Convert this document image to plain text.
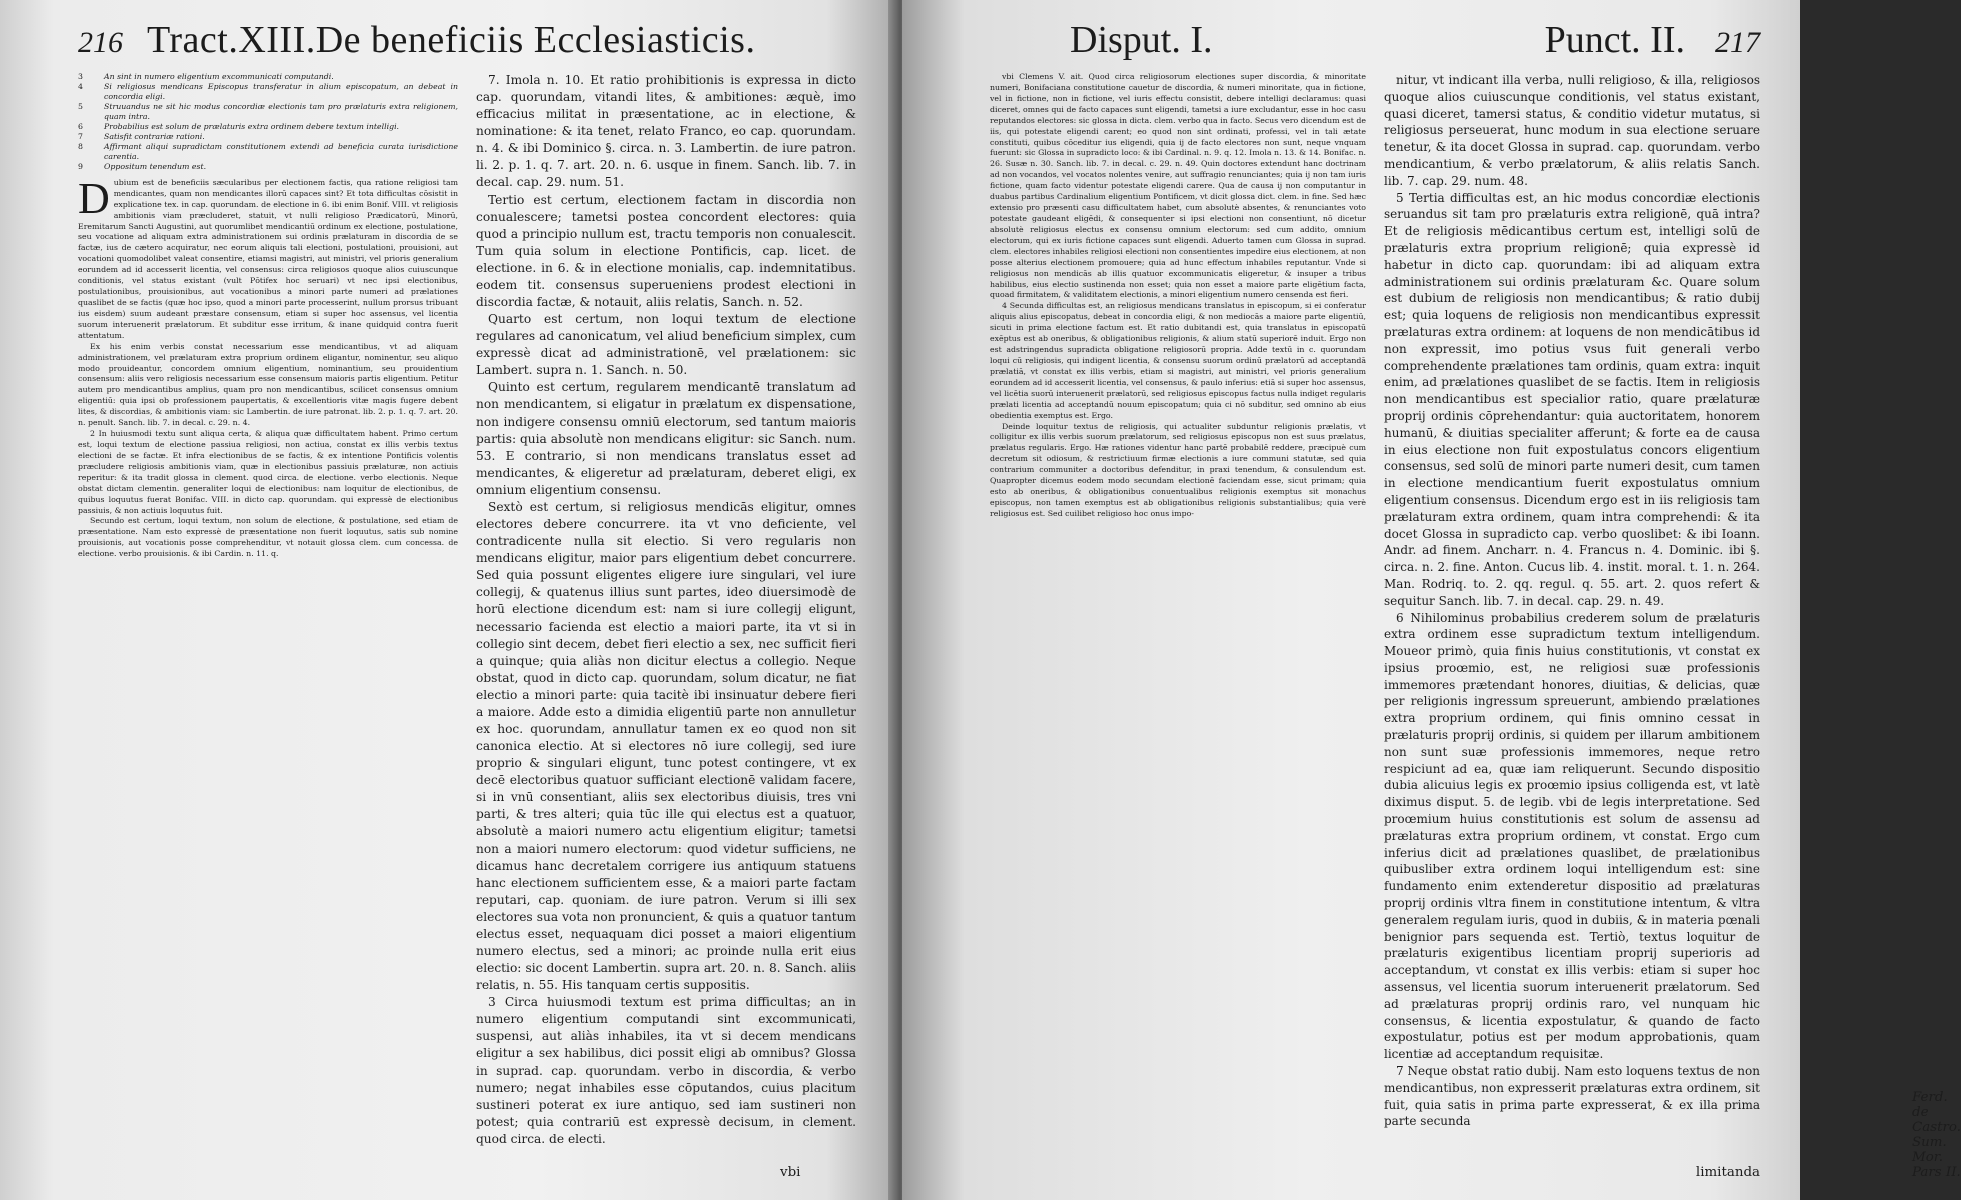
216 Tract.XIII.De beneficiis Ecclesiasticis.
3	An sint in numero eligentium excommunicati computandi.
4	Si religiosus mendicans Episcopus transferatur in alium episcopatum, an debeat in concordia eligi.
5	Struuandus ne sit hic modus concordiæ electionis tam pro prælaturis extra religionem, quam intra.
6	Probabilius est solum de prælaturis extra ordinem debere textum intelligi.
7	Satisfit contrariæ rationi.
8	Affirmant aliqui supradictam constitutionem extendi ad beneficia curata iurisdictione carentia.
9	Oppositum tenendum est.

Dubium est de beneficiis sæcularibus per electionem factis, qua ratione religiosi tam mendicantes, quam non mendicantes illorū capaces sint? Et tota difficultas cōsistit in explicatione tex. in cap. quorundam. de electione in 6. ibi enim Bonif. VIII. vt religiosis ambitionis viam præcluderet, statuit, vt nulli religioso Prædicatorū, Minorū, Eremitarum Sancti Augustini, aut quorumlibet mendicantiū ordinum ex electione, postulatione, seu vocatione ad aliquam extra administrationem sui ordinis prælaturam in discordia de se factæ, ius de cætero acquiratur, nec eorum aliquis tali electioni, postulationi, prouisioni, aut vocationi quomodolibet valeat consentire, etiamsi magistri, aut ministri, vel prioris generalium eorundem ad id accesserit licentia, vel consensus: circa religiosos quoque alios cuiuscunque conditionis, vel status existant (vult Pōtifex hoc seruari) vt nec ipsi electionibus, postulationibus, prouisionibus, aut vocationibus a minori parte numeri ad prælationes quaslibet de se factis (quæ hoc ipso, quod a minori parte processerint, nullum prorsus tribuant ius eisdem) suum audeant præstare consensum, etiam si super hoc assensus, vel licentia suorum interuenerit prælatorum. Et subditur esse irritum, & inane quidquid contra fuerit attentatum.

Ex his enim verbis constat necessarium esse mendicantibus, vt ad aliquam administrationem, vel prælaturam extra proprium ordinem eligantur, nominentur, seu aliquo modo prouideantur, concordem omnium eligentium, nominantium, seu prouidentium consensum: aliis vero religiosis necessarium esse consensum maioris partis eligentium. Petitur autem pro mendicantibus amplius, quam pro non mendicantibus, scilicet consensus omnium eligentiū: quia ipsi ob professionem paupertatis, & excellentioris vitæ magis fugere debent lites, & discordias, & ambitionis viam: sic Lambertin. de iure patronat. lib. 2. p. 1. q. 7. art. 20. n. penult. Sanch. lib. 7. in decal. c. 29. n. 4.

2 In huiusmodi textu sunt aliqua certa, & aliqua quæ difficultatem habent. Primo certum est, loqui textum de electione passiua religiosi, non actiua, constat ex illis verbis textus electioni de se factæ. Et infra electionibus de se factis, & ex intentione Pontificis volentis præcludere religiosis ambitionis viam, quæ in electionibus passiuis prælaturæ, non actiuis reperitur: & ita tradit glossa in clement. quod circa. de electione. verbo electionis. Neque obstat dictam clementin. generaliter loqui de electionibus: nam loquitur de electionibus, de quibus loquutus fuerat Bonifac. VIII. in dicto cap. quorundam. qui expressè de electionibus passiuis, & non actiuis loquutus fuit.

Secundo est certum, loqui textum, non solum de electione, & postulatione, sed etiam de præsentatione. Nam esto expressè de præsentatione non fuerit loquutus, satis sub nomine prouisionis, aut vocationis posse comprehenditur, vt notauit glossa clem. cum concessa. de electione. verbo prouisionis. & ibi Cardin. n. 11. q.

7. Imola n. 10. Et ratio prohibitionis is expressa in dicto cap. quorundam, vitandi lites, & ambitiones: æquè, imo efficacius militat in præsentatione, ac in electione, & nominatione: & ita tenet, relato Franco, eo cap. quorundam. n. 4. & ibi Dominico §. circa. n. 3. Lambertin. de iure patron. li. 2. p. 1. q. 7. art. 20. n. 6. usque in finem. Sanch. lib. 7. in decal. cap. 29. num. 51.

Tertio est certum, electionem factam in discordia non conualescere; tametsi postea concordent electores: quia quod a principio nullum est, tractu temporis non conualescit. Tum quia solum in electione Pontificis, cap. licet. de electione. in 6. & in electione monialis, cap. indemnitatibus. eodem tit. consensus superueniens prodest electioni in discordia factæ, & notauit, aliis relatis, Sanch. n. 52.

Quarto est certum, non loqui textum de electione regulares ad canonicatum, vel aliud beneficium simplex, cum expressè dicat ad administrationē, vel prælationem: sic Lambert. supra n. 1. Sanch. n. 50.

Quinto est certum, regularem mendicantē translatum ad non mendicantem, si eligatur in prælatum ex dispensatione, non indigere consensu omniū electorum, sed tantum maioris partis: quia absolutè non mendicans eligitur: sic Sanch. num. 53. E contrario, si non mendicans translatus esset ad mendicantes, & eligeretur ad prælaturam, deberet eligi, ex omnium eligentium consensu.

Sextò est certum, si religiosus mendicās eligitur, omnes electores debere concurrere. ita vt vno deficiente, vel contradicente nulla sit electio. Si vero regularis non mendicans eligitur, maior pars eligentium debet concurrere. Sed quia possunt eligentes eligere iure singulari, vel iure collegij, & quatenus illius sunt partes, ideo diuersimodè de horū electione dicendum est: nam si iure collegij eligunt, necessario facienda est electio a maiori parte, ita vt si in collegio sint decem, debet fieri electio a sex, nec sufficit fieri a quinque; quia aliàs non dicitur electus a collegio. Neque obstat, quod in dicto cap. quorundam, solum dicatur, ne fiat electio a minori parte: quia tacitè ibi insinuatur debere fieri a maiore. Adde esto a dimidia eligentiū parte non annulletur ex hoc. quorundam, annullatur tamen ex eo quod non sit canonica electio. At si electores nō iure collegij, sed iure proprio & singulari eligunt, tunc potest contingere, vt ex decē electoribus quatuor sufficiant electionē validam facere, si in vnū consentiant, aliis sex electoribus diuisis, tres vni parti, & tres alteri; quia tūc ille qui electus est a quatuor, absolutè a maiori numero actu eligentium eligitur; tametsi non a maiori numero electorum: quod videtur sufficiens, ne dicamus hanc decretalem corrigere ius antiquum statuens hanc electionem sufficientem esse, & a maiori parte factam reputari, cap. quoniam. de iure patron. Verum si illi sex electores sua vota non pronuncient, & quis a quatuor tantum electus esset, nequaquam dici posset a maiori eligentium numero electus, sed a minori; ac proinde nulla erit eius electio: sic docent Lambertin. supra art. 20. n. 8. Sanch. aliis relatis, n. 55. His tanquam certis suppositis.

3 Circa huiusmodi textum est prima difficultas; an in numero eligentium computandi sint excommunicati, suspensi, aut aliàs inhabiles, ita vt si decem mendicans eligitur a sex habilibus, dici possit eligi ab omnibus? Glossa in suprad. cap. quorundam. verbo in discordia, & verbo numero; negat inhabiles esse cōputandos, cuius placitum sustineri poterat ex iure antiquo, sed iam sustineri non potest; quia contrariū est expressè decisum, in clement. quod circa. de electi.

vbi
Disput. I.	Punct. II. 217

vbi Clemens V. ait. Quod circa religiosorum electiones super discordia, & minoritate numeri, Bonifaciana constitutione cauetur de discordia, & numeri minoritate, qua in fictione, vel in fictione, non in fictione, vel iuris effectu consistit, debere intelligi declaramus: quasi diceret, omnes qui de facto capaces sunt eligendi, tametsi a iure excludantur, esse in hoc casu reputandos electores: sic glossa in dicta. clem. verbo qua in facto. Secus vero dicendum est de iis, qui potestate eligendi carent; eo quod non sint ordinati, professi, vel in tali ætate constituti, quibus cōceditur ius eligendi, quia ij de facto electores non sunt, neque vnquam fuerunt: sic Glossa in supradicto loco: & ibi Cardinal. n. 9. q. 12. Imola n. 13. & 14. Bonifac. n. 26. Susæ n. 30. Sanch. lib. 7. in decal. c. 29. n. 49. Quin doctores extendunt hanc doctrinam ad non vocandos, vel vocatos nolentes venire, aut suffragio renunciantes; quia ij non tam iuris fictione, quam facto videntur potestate eligendi carere. Qua de causa ij non computantur in duabus partibus Cardinalium eligentium Pontificem, vt dicit glossa dict. clem. in fine. Sed hæc extensio pro præsenti casu difficultatem habet, cum absolutè absentes, & renunciantes voto potestate gaudeant eligēdi, & consequenter si ipsi electioni non consentiunt, nō dicetur absolutè religiosus electus ex consensu omnium electorum: sed cum addito, omnium electorum, qui ex iuris fictione capaces sunt eligendi. Aduerto tamen cum Glossa in suprad. clem. electores inhabiles religiosi electioni non consentientes impedire eius electionem, at non posse alterius electionem promouere; quia ad hunc effectum inhabiles reputantur. Vnde si religiosus non mendicās ab illis quatuor excommunicatis eligeretur, & insuper a tribus habilibus, eius electio sustinenda non esset; quia non esset a maiore parte eligētium facta, quoad firmitatem, & validitatem electionis, a minori eligentium numero censenda est fieri.

4 Secunda difficultas est, an religiosus mendicans translatus in episcopum, si ei conferatur aliquis alius episcopatus, debeat in concordia eligi, & non mediocās a maiore parte eligentiū, sicuti in prima electione factum est. Et ratio dubitandi est, quia translatus in episcopatū exēptus est ab oneribus, & obligationibus religionis, & alium statū superiorē induit. Ergo non est adstringendus supradicta obligatione religiosorū propria. Adde textū in c. quorundam loqui cū religiosis, qui indigent licentia, & consensu suorum ordinū prælatorū ad acceptandā prælatiā, vt constat ex illis verbis, etiam si magistri, aut ministri, vel prioris generalium eorundem ad id accesserit licentia, vel consensus, & paulo inferius: etiā si super hoc assensus, vel licētia suorū interuenerit prælatorū, sed religiosus episcopus factus nulla indiget regularis prælati licentia ad acceptandū nouum episcopatum; quia ci nō subditur, sed omnino ab eius obedientia exemptus est. Ergo.

Deinde loquitur textus de religiosis, qui actualiter subduntur religionis prælatis, vt colligitur ex illis verbis suorum prælatorum, sed religiosus episcopus non est suus prælatus, prælatus regularis. Ergo. Hæ rationes videntur hanc partē probabilē reddere, præcipuè cum decretum sit odiosum, & restrictiuum firmæ electionis a iure communi statutæ, sed quia contrarium communiter a doctoribus defenditur, in praxi tenendum, & consulendum est. Quapropter dicemus eodem modo secundam electionē faciendam esse, sicut primam; quia esto ab oneribus, & obligationibus conuentualibus religionis exemptus sit monachus episcopus, non tamen exemptus est ab obligationibus religionis substantialibus; quia verè religiosus est. Sed cuilibet religioso hoc onus impo-

nitur, vt indicant illa verba, nulli religioso, & illa, religiosos quoque alios cuiuscunque conditionis, vel status existant, quasi diceret, tamersi status, & conditio videtur mutatus, si religiosus perseuerat, hunc modum in sua electione seruare tenetur, & ita docet Glossa in suprad. cap. quorundam. verbo mendicantium, & verbo prælatorum, & aliis relatis Sanch. lib. 7. cap. 29. num. 48.

5 Tertia difficultas est, an hic modus concordiæ electionis seruandus sit tam pro prælaturis extra religionē, quā intra? Et de religiosis mēdicantibus certum est, intelligi solū de prælaturis extra proprium religionē; quia expressè id habetur in dicto cap. quorundam: ibi ad aliquam extra administrationem sui ordinis prælaturam &c. Quare solum est dubium de religiosis non mendicantibus; & ratio dubij est; quia loquens de religiosis non mendicantibus expressit prælaturas extra ordinem: at loquens de non mendicātibus id non expressit, imo potius vsus fuit generali verbo comprehendente prælationes tam ordinis, quam extra: inquit enim, ad prælationes quaslibet de se factis. Item in religiosis non mendicantibus est specialior ratio, quare prælaturæ proprij ordinis cōprehendantur: quia auctoritatem, honorem humanū, & diuitias specialiter afferunt; & forte ea de causa in eius electione non fuit expostulatus concors eligentium consensus, sed solū de minori parte numeri desit, cum tamen in electione mendicantium fuerit expostulatus omnium eligentium consensus. Dicendum ergo est in iis religiosis tam prælaturam extra ordinem, quam intra comprehendi: & ita docet Glossa in supradicto cap. verbo quoslibet: & ibi Ioann. Andr. ad finem. Ancharr. n. 4. Francus n. 4. Dominic. ibi §. circa. n. 2. fine. Anton. Cucus lib. 4. instit. moral. t. 1. n. 264. Man. Rodriq. to. 2. qq. regul. q. 55. art. 2. quos refert & sequitur Sanch. lib. 7. in decal. cap. 29. n. 49.

6 Nihilominus probabilius crederem solum de prælaturis extra ordinem esse supradictum textum intelligendum. Moueor primò, quia finis huius constitutionis, vt constat ex ipsius proœmio, est, ne religiosi suæ professionis immemores prætendant honores, diuitias, & delicias, quæ per religionis ingressum spreuerunt, ambiendo prælationes extra proprium ordinem, qui finis omnino cessat in prælaturis proprij ordinis, si quidem per illarum ambitionem non sunt suæ professionis immemores, neque retro respiciunt ad ea, quæ iam reliquerunt. Secundo dispositio dubia alicuius legis ex proœmio ipsius colligenda est, vt latè diximus disput. 5. de legib. vbi de legis interpretatione. Sed proœmium huius constitutionis est solum de assensu ad prælaturas extra proprium ordinem, vt constat. Ergo cum inferius dicit ad prælationes quaslibet, de prælationibus quibusliber extra ordinem loqui intelligendum est: sine fundamento enim extenderetur dispositio ad prælaturas proprij ordinis vltra finem in constitutione intentum, & vltra generalem regulam iuris, quod in dubiis, & in materia pœnali benignior pars sequenda est. Tertiò, textus loquitur de prælaturis exigentibus licentiam proprij superioris ad acceptandum, vt constat ex illis verbis: etiam si super hoc assensus, vel licentia suorum interuenerit prælatorum. Sed ad prælaturas proprij ordinis raro, vel nunquam hic consensus, & licentia expostulatur, & quando de facto expostulatur, potius est per modum approbationis, quam licentiæ ad acceptandum requisitæ.

7 Neque obstat ratio dubij. Nam esto loquens textus de non mendicantibus, non expresserit prælaturas extra ordinem, sit fuit, quia satis in prima parte expresserat, & ex illa prima parte secunda

Ferd. de Castro. Sum. Mor. Pars II.
limitanda
